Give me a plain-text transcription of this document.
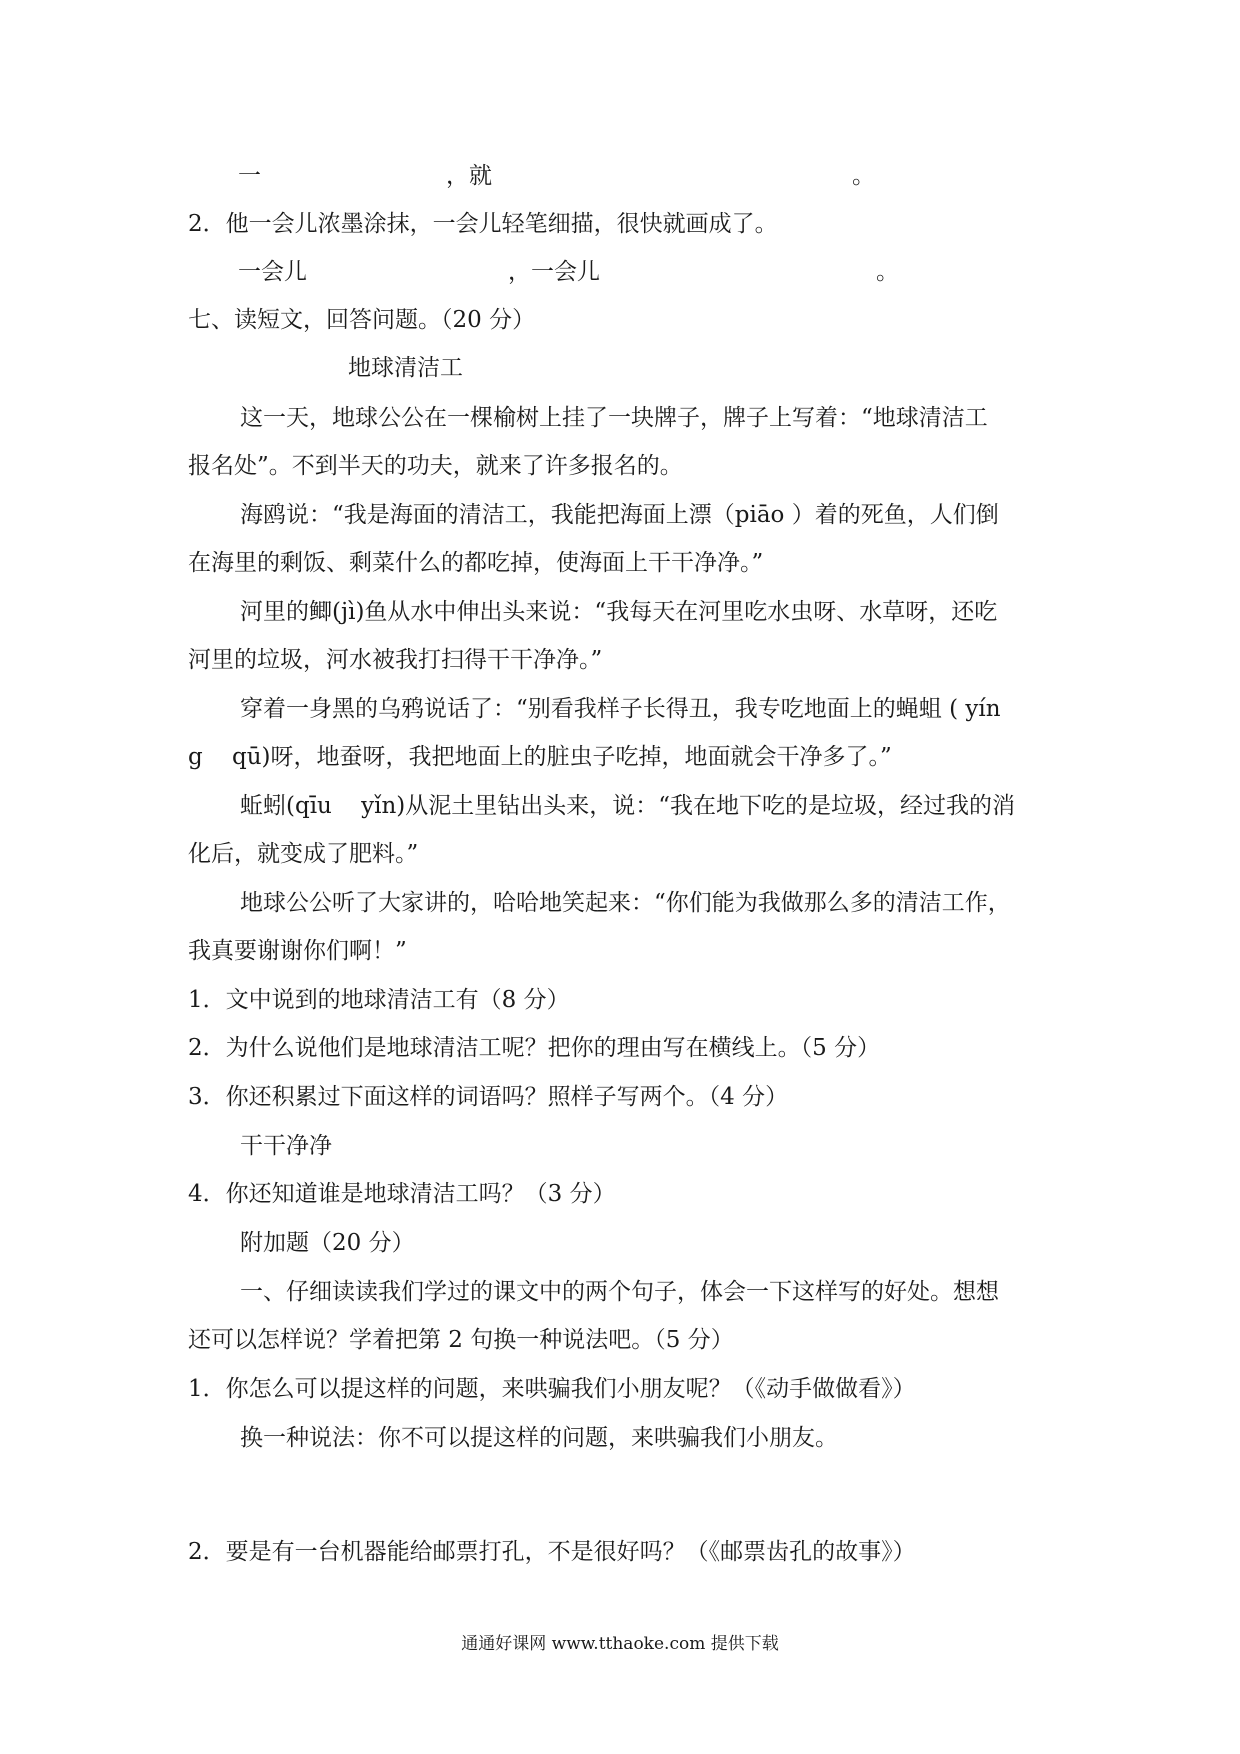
一	，就	。
2．他一会儿浓墨涂抹，一会儿轻笔细描，很快就画成了。
一会儿	，一会儿	。
七、读短文，回答问题。（20 分）
地球清洁工
这一天，地球公公在一棵榆树上挂了一块牌子，牌子上写着：“地球清洁工
报名处”。不到半天的功夫，就来了许多报名的。
海鸥说：“我是海面的清洁工，我能把海面上漂（piāo ）着的死鱼，人们倒
在海里的剩饭、剩菜什么的都吃掉，使海面上干干净净。”
河里的鲫(jì)鱼从水中伸出头来说：“我每天在河里吃水虫呀、水草呀，还吃
河里的垃圾，河水被我打扫得干干净净。”
穿着一身黑的乌鸦说话了：“别看我样子长得丑，我专吃地面上的蝇蛆 ( yín
g    qū)呀，地蚕呀，我把地面上的脏虫子吃掉，地面就会干净多了。”
蚯蚓(qīu    yǐn)从泥土里钻出头来，说：“我在地下吃的是垃圾，经过我的消
化后，就变成了肥料。”
地球公公听了大家讲的，哈哈地笑起来：“你们能为我做那么多的清洁工作，
我真要谢谢你们啊！”
1．文中说到的地球清洁工有（8 分）
2．为什么说他们是地球清洁工呢？把你的理由写在横线上。（5 分）
3．你还积累过下面这样的词语吗？照样子写两个。（4 分）
干干净净
4．你还知道谁是地球清洁工吗？（3 分）
附加题（20 分）
一、仔细读读我们学过的课文中的两个句子，体会一下这样写的好处。想想
还可以怎样说？学着把第 2 句换一种说法吧。（5 分）
1．你怎么可以提这样的问题，来哄骗我们小朋友呢？（《动手做做看》）
换一种说法：你不可以提这样的问题，来哄骗我们小朋友。
2．要是有一台机器能给邮票打孔，不是很好吗？（《邮票齿孔的故事》）
通通好课网 www.tthaoke.com 提供下载
